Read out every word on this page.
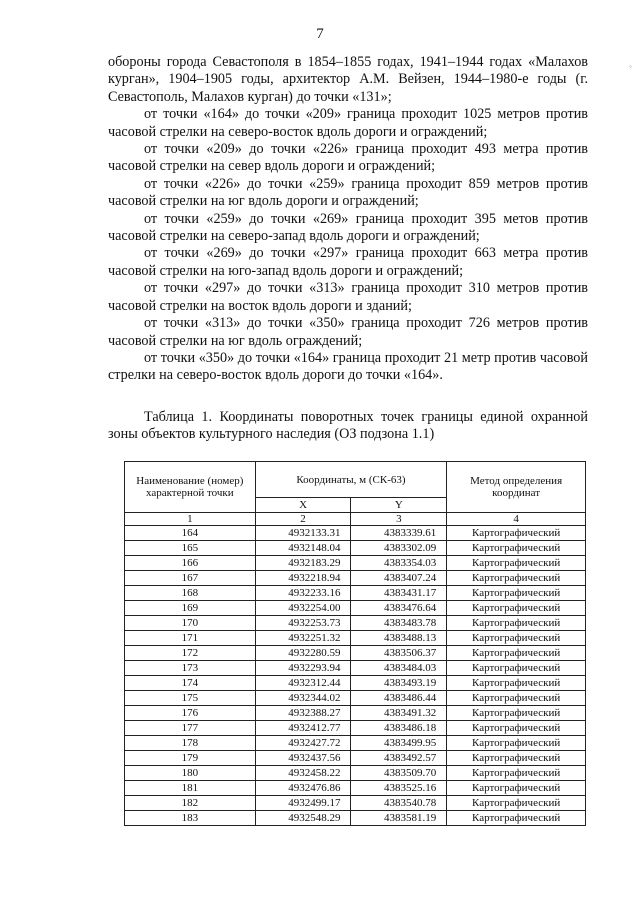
7
◦

обороны города Севастополя в 1854–1855 годах, 1941–1944 годах «Малахов курган», 1904–1905 годы, архитектор А.М. Вейзен, 1944–1980-е годы (г. Севастополь, Малахов курган) до точки «131»;

от точки «164» до точки «209» граница проходит 1025 метров против часовой стрелки на северо-восток вдоль дороги и ограждений;

от точки «209» до точки «226» граница проходит 493 метра против часовой стрелки на север вдоль дороги и ограждений;

от точки «226» до точки «259» граница проходит 859 метров против часовой стрелки на юг вдоль дороги и ограждений;

от точки «259» до точки «269» граница проходит 395 метов против часовой стрелки на северо-запад вдоль дороги и ограждений;

от точки «269» до точки «297» граница проходит 663 метра против часовой стрелки на юго-запад вдоль дороги и ограждений;

от точки «297» до точки «313» граница проходит 310 метров против часовой стрелки на восток вдоль дороги и зданий;

от точки «313» до точки «350» граница проходит 726 метров против часовой стрелки на юг вдоль ограждений;

от точки «350» до точки «164» граница проходит 21 метр против часовой стрелки на северо-восток вдоль дороги до точки «164».

Таблица 1. Координаты поворотных точек границы единой охранной зоны объектов культурного наследия (ОЗ подзона 1.1)
Наименование (номер) характерной точки	Координаты, м (СК-63)		Метод определения координат
	X	Y	
1	2	3	4
164	4932133.31	4383339.61	Картографический
165	4932148.04	4383302.09	Картографический
166	4932183.29	4383354.03	Картографический
167	4932218.94	4383407.24	Картографический
168	4932233.16	4383431.17	Картографический
169	4932254.00	4383476.64	Картографический
170	4932253.73	4383483.78	Картографический
171	4932251.32	4383488.13	Картографический
172	4932280.59	4383506.37	Картографический
173	4932293.94	4383484.03	Картографический
174	4932312.44	4383493.19	Картографический
175	4932344.02	4383486.44	Картографический
176	4932388.27	4383491.32	Картографический
177	4932412.77	4383486.18	Картографический
178	4932427.72	4383499.95	Картографический
179	4932437.56	4383492.57	Картографический
180	4932458.22	4383509.70	Картографический
181	4932476.86	4383525.16	Картографический
182	4932499.17	4383540.78	Картографический
183	4932548.29	4383581.19	Картографический
